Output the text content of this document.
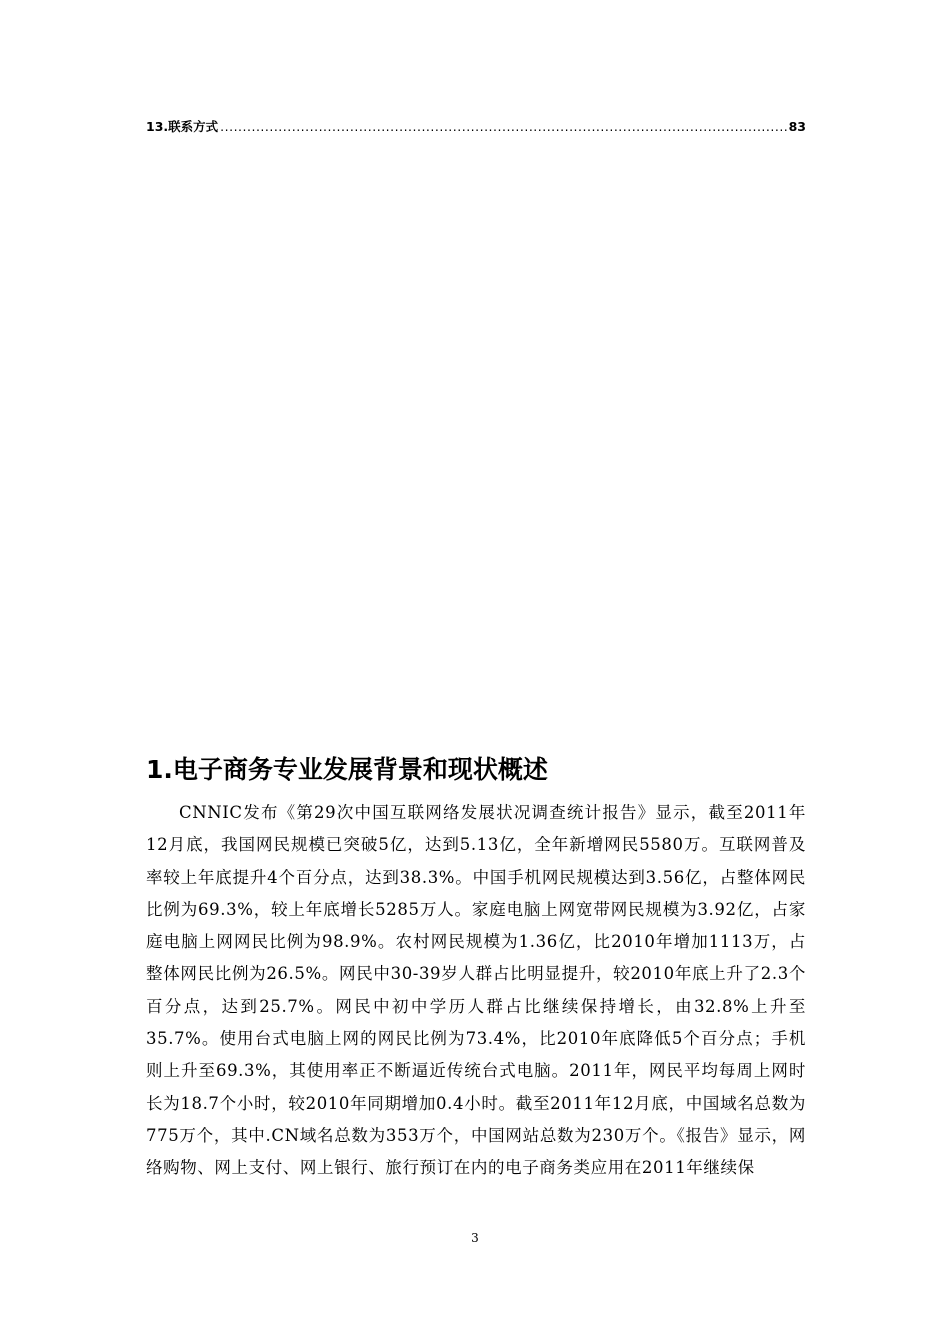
13.联系方式
.....	83
1.电子商务专业发展背景和现状概述

CNNIC发布《第29次中国互联网络发展状况调查统计报告》显示，截至2011年12月底，我国网民规模已突破5亿，达到5.13亿，全年新增网民5580万。互联网普及率较上年底提升4个百分点，达到38.3%。中国手机网民规模达到3.56亿，占整体网民比例为69.3%，较上年底增长5285万人。家庭电脑上网宽带网民规模为3.92亿，占家庭电脑上网网民比例为98.9%。农村网民规模为1.36亿，比2010年增加1113万，占整体网民比例为26.5%。网民中30-39岁人群占比明显提升，较2010年底上升了2.3个百分点，达到25.7%。网民中初中学历人群占比继续保持增长，由32.8%上升至35.7%。使用台式电脑上网的网民比例为73.4%，比2010年底降低5个百分点；手机则上升至69.3%，其使用率正不断逼近传统台式电脑。2011年，网民平均每周上网时长为18.7个小时，较2010年同期增加0.4小时。截至2011年12月底，中国域名总数为775万个，其中.CN域名总数为353万个，中国网站总数为230万个。《报告》显示，网络购物、网上支付、网上银行、旅行预订在内的电子商务类应用在2011年继续保

3
